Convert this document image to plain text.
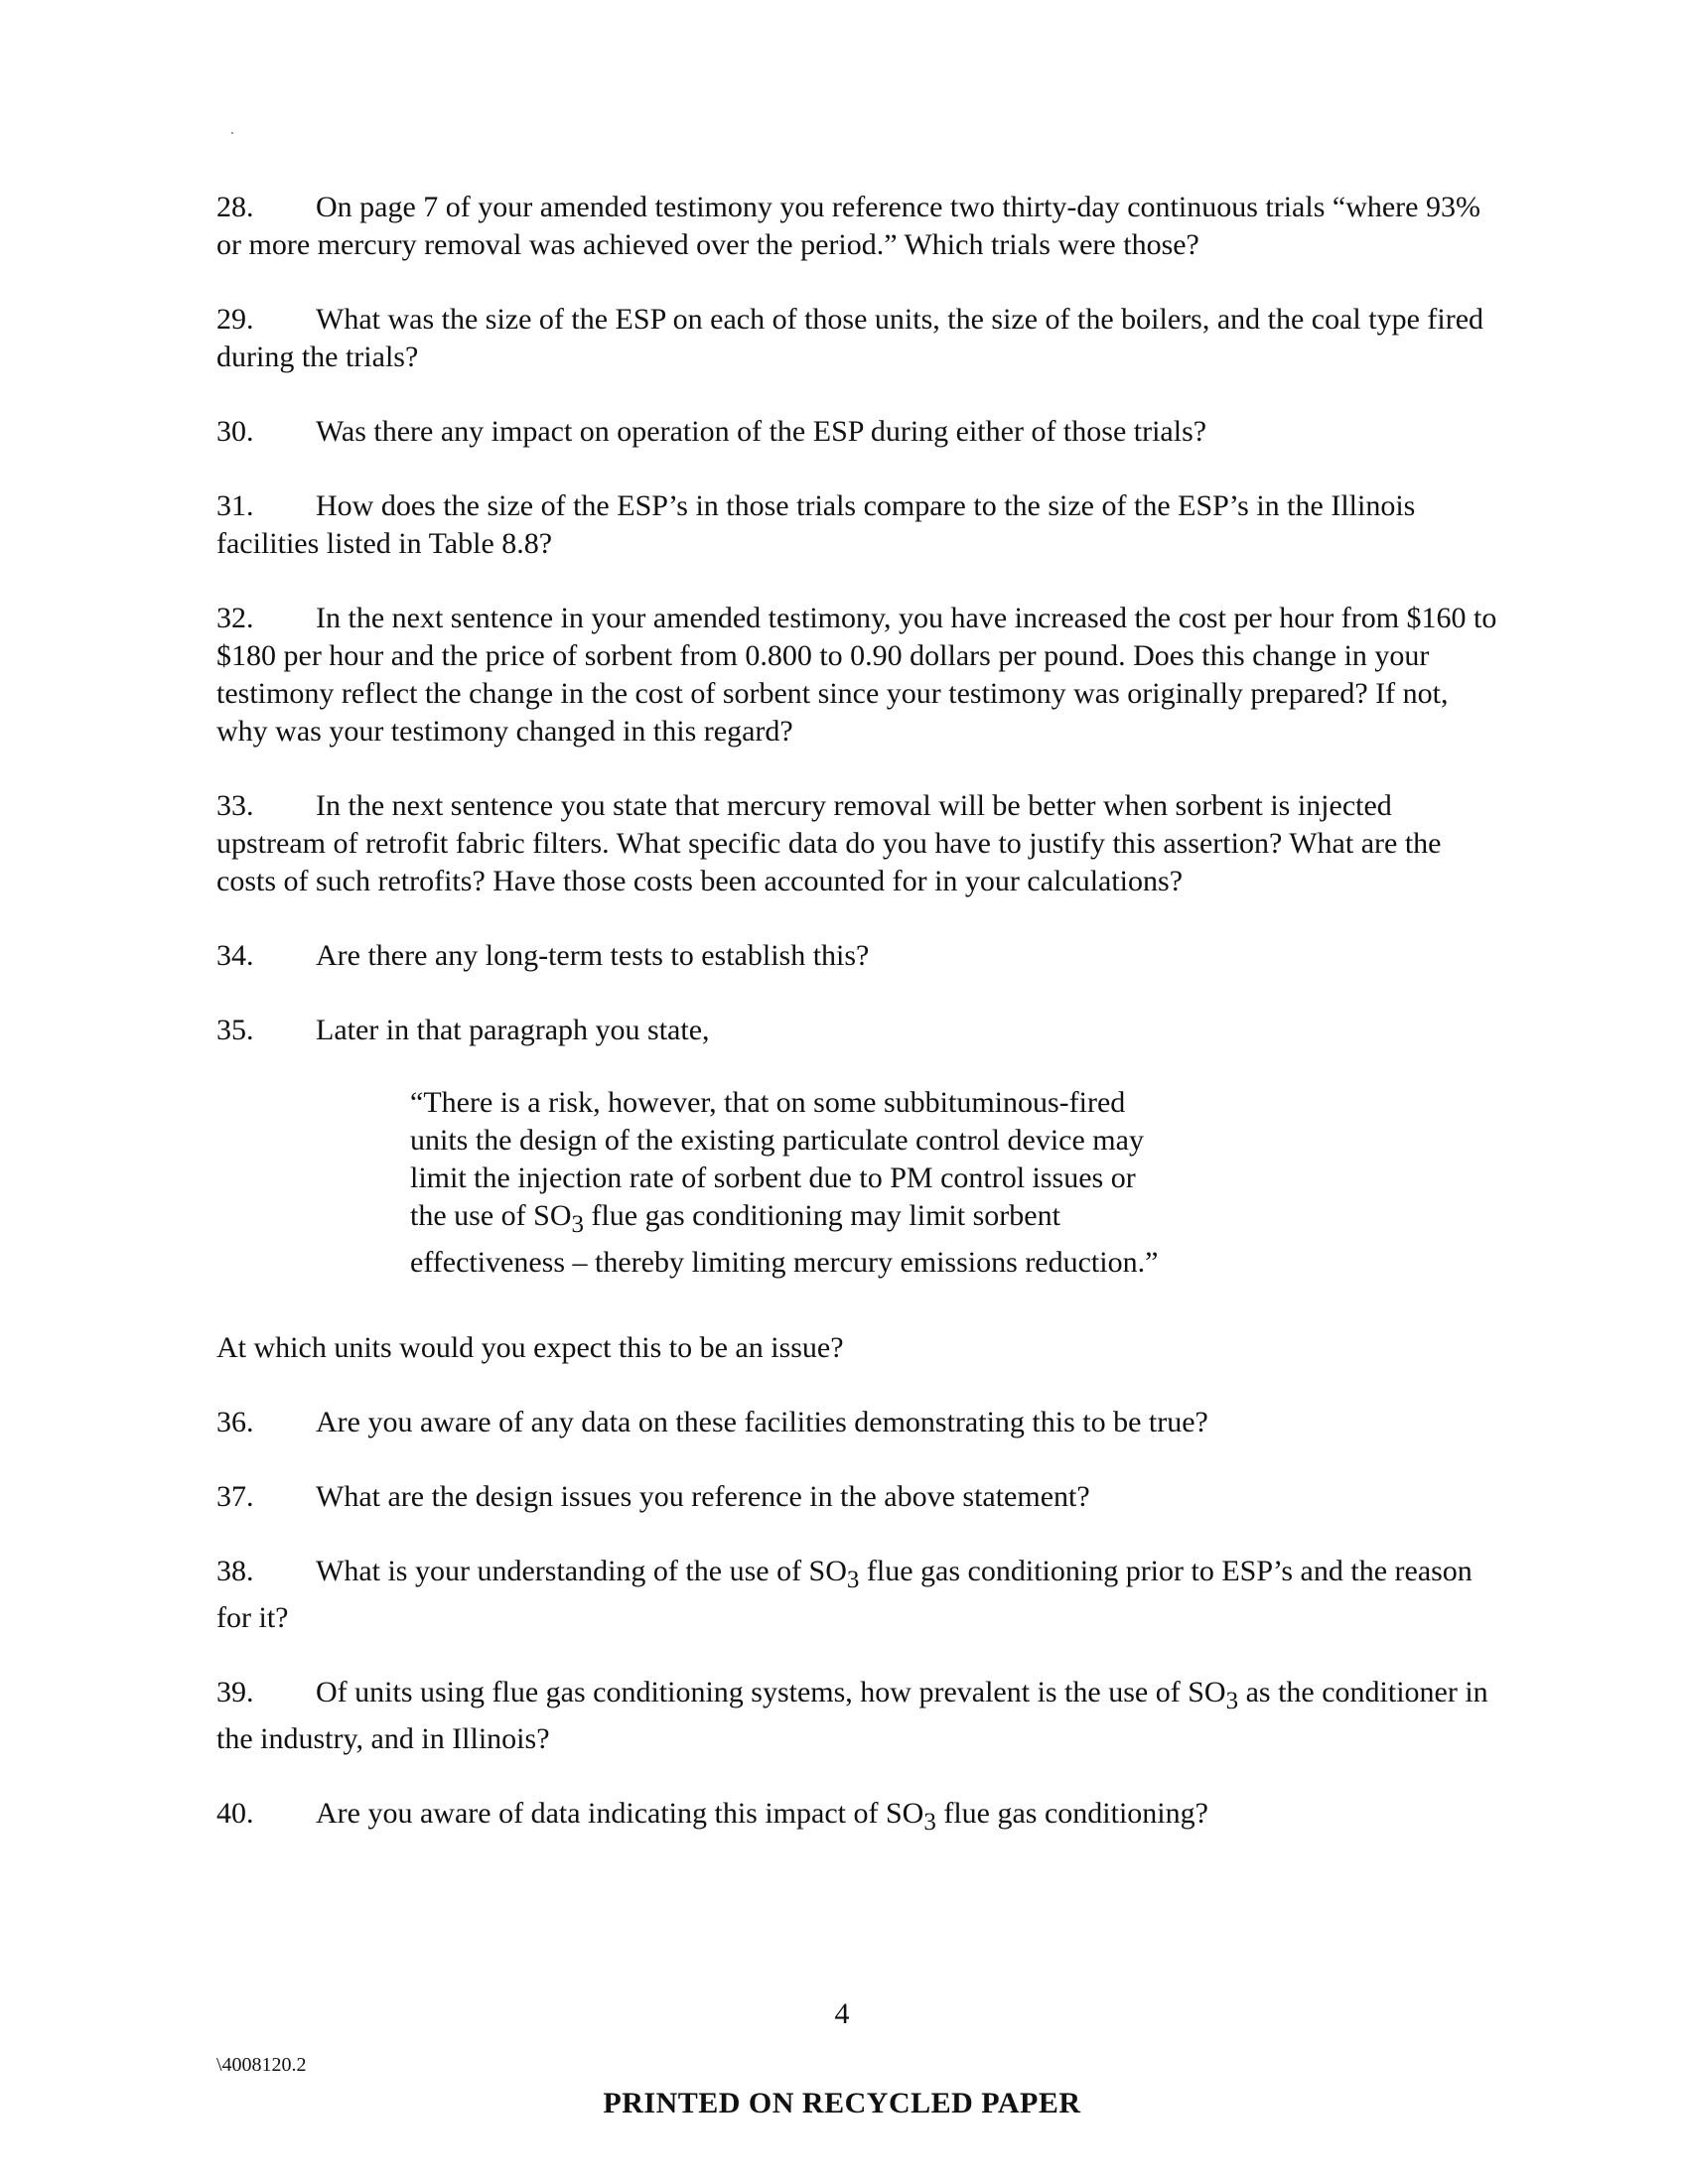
28. On page 7 of your amended testimony you reference two thirty-day continuous trials “where 93% or more mercury removal was achieved over the period.” Which trials were those?

29. What was the size of the ESP on each of those units, the size of the boilers, and the coal type fired during the trials?

30. Was there any impact on operation of the ESP during either of those trials?

31. How does the size of the ESP’s in those trials compare to the size of the ESP’s in the Illinois facilities listed in Table 8.8?

32. In the next sentence in your amended testimony, you have increased the cost per hour from $160 to $180 per hour and the price of sorbent from 0.800 to 0.90 dollars per pound. Does this change in your testimony reflect the change in the cost of sorbent since your testimony was originally prepared? If not, why was your testimony changed in this regard?

33. In the next sentence you state that mercury removal will be better when sorbent is injected upstream of retrofit fabric filters. What specific data do you have to justify this assertion? What are the costs of such retrofits? Have those costs been accounted for in your calculations?

34. Are there any long-term tests to establish this?

35. Later in that paragraph you state,

“There is a risk, however, that on some subbituminous-fired units the design of the existing particulate control device may limit the injection rate of sorbent due to PM control issues or the use of $SO_3$ flue gas conditioning may limit sorbent effectiveness – thereby limiting mercury emissions reduction.”

At which units would you expect this to be an issue?

36. Are you aware of any data on these facilities demonstrating this to be true?

37. What are the design issues you reference in the above statement?

38. What is your understanding of the use of $SO_3$ flue gas conditioning prior to ESP’s and the reason for it?

39. Of units using flue gas conditioning systems, how prevalent is the use of $SO_3$ as the conditioner in the industry, and in Illinois?

40. Are you aware of data indicating this impact of $SO_3$ flue gas conditioning?

4
\4008120.2
PRINTED ON RECYCLED PAPER
